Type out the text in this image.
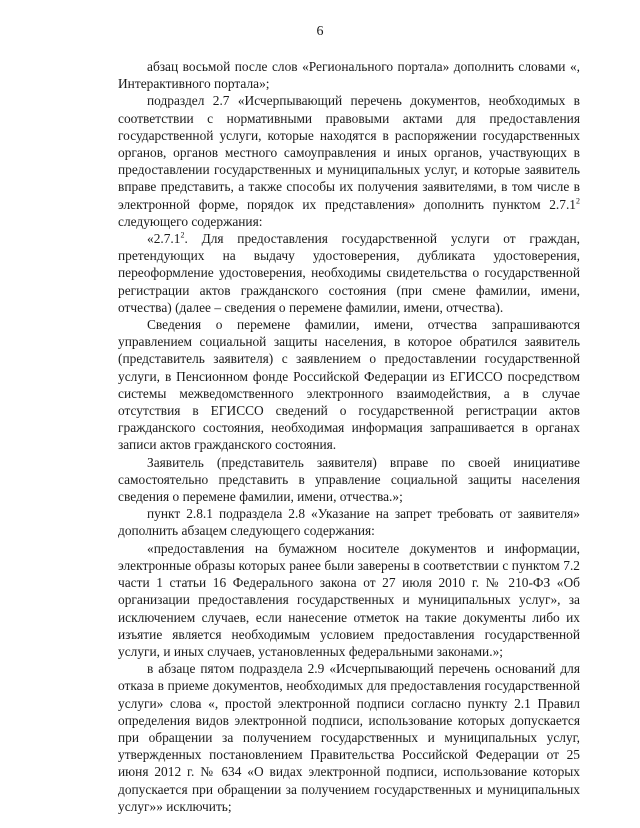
6

абзац восьмой после слов «Регионального портала» дополнить словами «, Интерактивного портала»;

подраздел 2.7 «Исчерпывающий перечень документов, необходимых в соответствии с нормативными правовыми актами для предоставления государственной услуги, которые находятся в распоряжении государственных органов, органов местного самоуправления и иных органов, участвующих в предоставлении государственных и муниципальных услуг, и которые заявитель вправе представить, а также способы их получения заявителями, в том числе в электронной форме, порядок их представления» дополнить пунктом 2.7.1$^2$ следующего содержания:

«2.7.1$^2$. Для предоставления государственной услуги от граждан, претендующих на выдачу удостоверения, дубликата удостоверения, переоформление удостоверения, необходимы свидетельства о государственной регистрации актов гражданского состояния (при смене фамилии, имени, отчества) (далее – сведения о перемене фамилии, имени, отчества).

Сведения о перемене фамилии, имени, отчества запрашиваются управлением социальной защиты населения, в которое обратился заявитель (представитель заявителя) с заявлением о предоставлении государственной услуги, в Пенсионном фонде Российской Федерации из ЕГИССО посредством системы межведомственного электронного взаимодействия, а в случае отсутствия в ЕГИССО сведений о государственной регистрации актов гражданского состояния, необходимая информация запрашивается в органах записи актов гражданского состояния.

Заявитель (представитель заявителя) вправе по своей инициативе самостоятельно представить в управление социальной защиты населения сведения о перемене фамилии, имени, отчества.»;

пункт 2.8.1 подраздела 2.8 «Указание на запрет требовать от заявителя» дополнить абзацем следующего содержания:

«предоставления на бумажном носителе документов и информации, электронные образы которых ранее были заверены в соответствии с пунктом 7.2 части 1 статьи 16 Федерального закона от 27 июля 2010 г. № 210-ФЗ «Об организации предоставления государственных и муниципальных услуг», за исключением случаев, если нанесение отметок на такие документы либо их изъятие является необходимым условием предоставления государственной услуги, и иных случаев, установленных федеральными законами.»;

в абзаце пятом подраздела 2.9 «Исчерпывающий перечень оснований для отказа в приеме документов, необходимых для предоставления государственной услуги» слова «, простой электронной подписи согласно пункту 2.1 Правил определения видов электронной подписи, использование которых допускается при обращении за получением государственных и муниципальных услуг, утвержденных постановлением Правительства Российской Федерации от 25 июня 2012 г. № 634 «О видах электронной подписи, использование которых допускается при обращении за получением государственных и муниципальных услуг»» исключить;
